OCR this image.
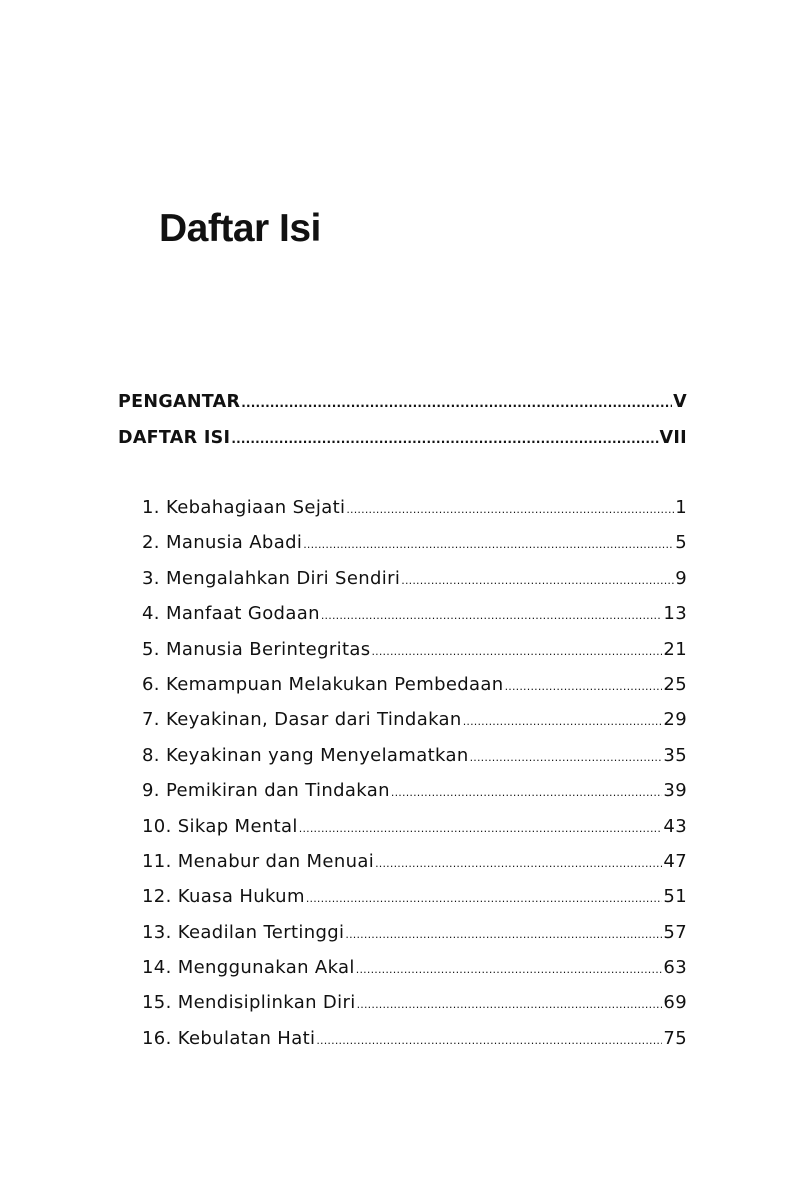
Daftar Isi
PENGANTAR .....	V
DAFTAR ISI .....	VII
1. Kebahagiaan Sejati .....	1
2. Manusia Abadi .....	5
3. Mengalahkan Diri Sendiri .....	9
4. Manfaat Godaan .....	13
5. Manusia Berintegritas .....	21
6. Kemampuan Melakukan Pembedaan .....	25
7. Keyakinan, Dasar dari Tindakan .....	29
8. Keyakinan yang Menyelamatkan .....	35
9. Pemikiran dan Tindakan .....	39
10. Sikap Mental .....	43
11. Menabur dan Menuai .....	47
12. Kuasa Hukum .....	51
13. Keadilan Tertinggi .....	57
14. Menggunakan Akal .....	63
15. Mendisiplinkan Diri .....	69
16. Kebulatan Hati .....	75
